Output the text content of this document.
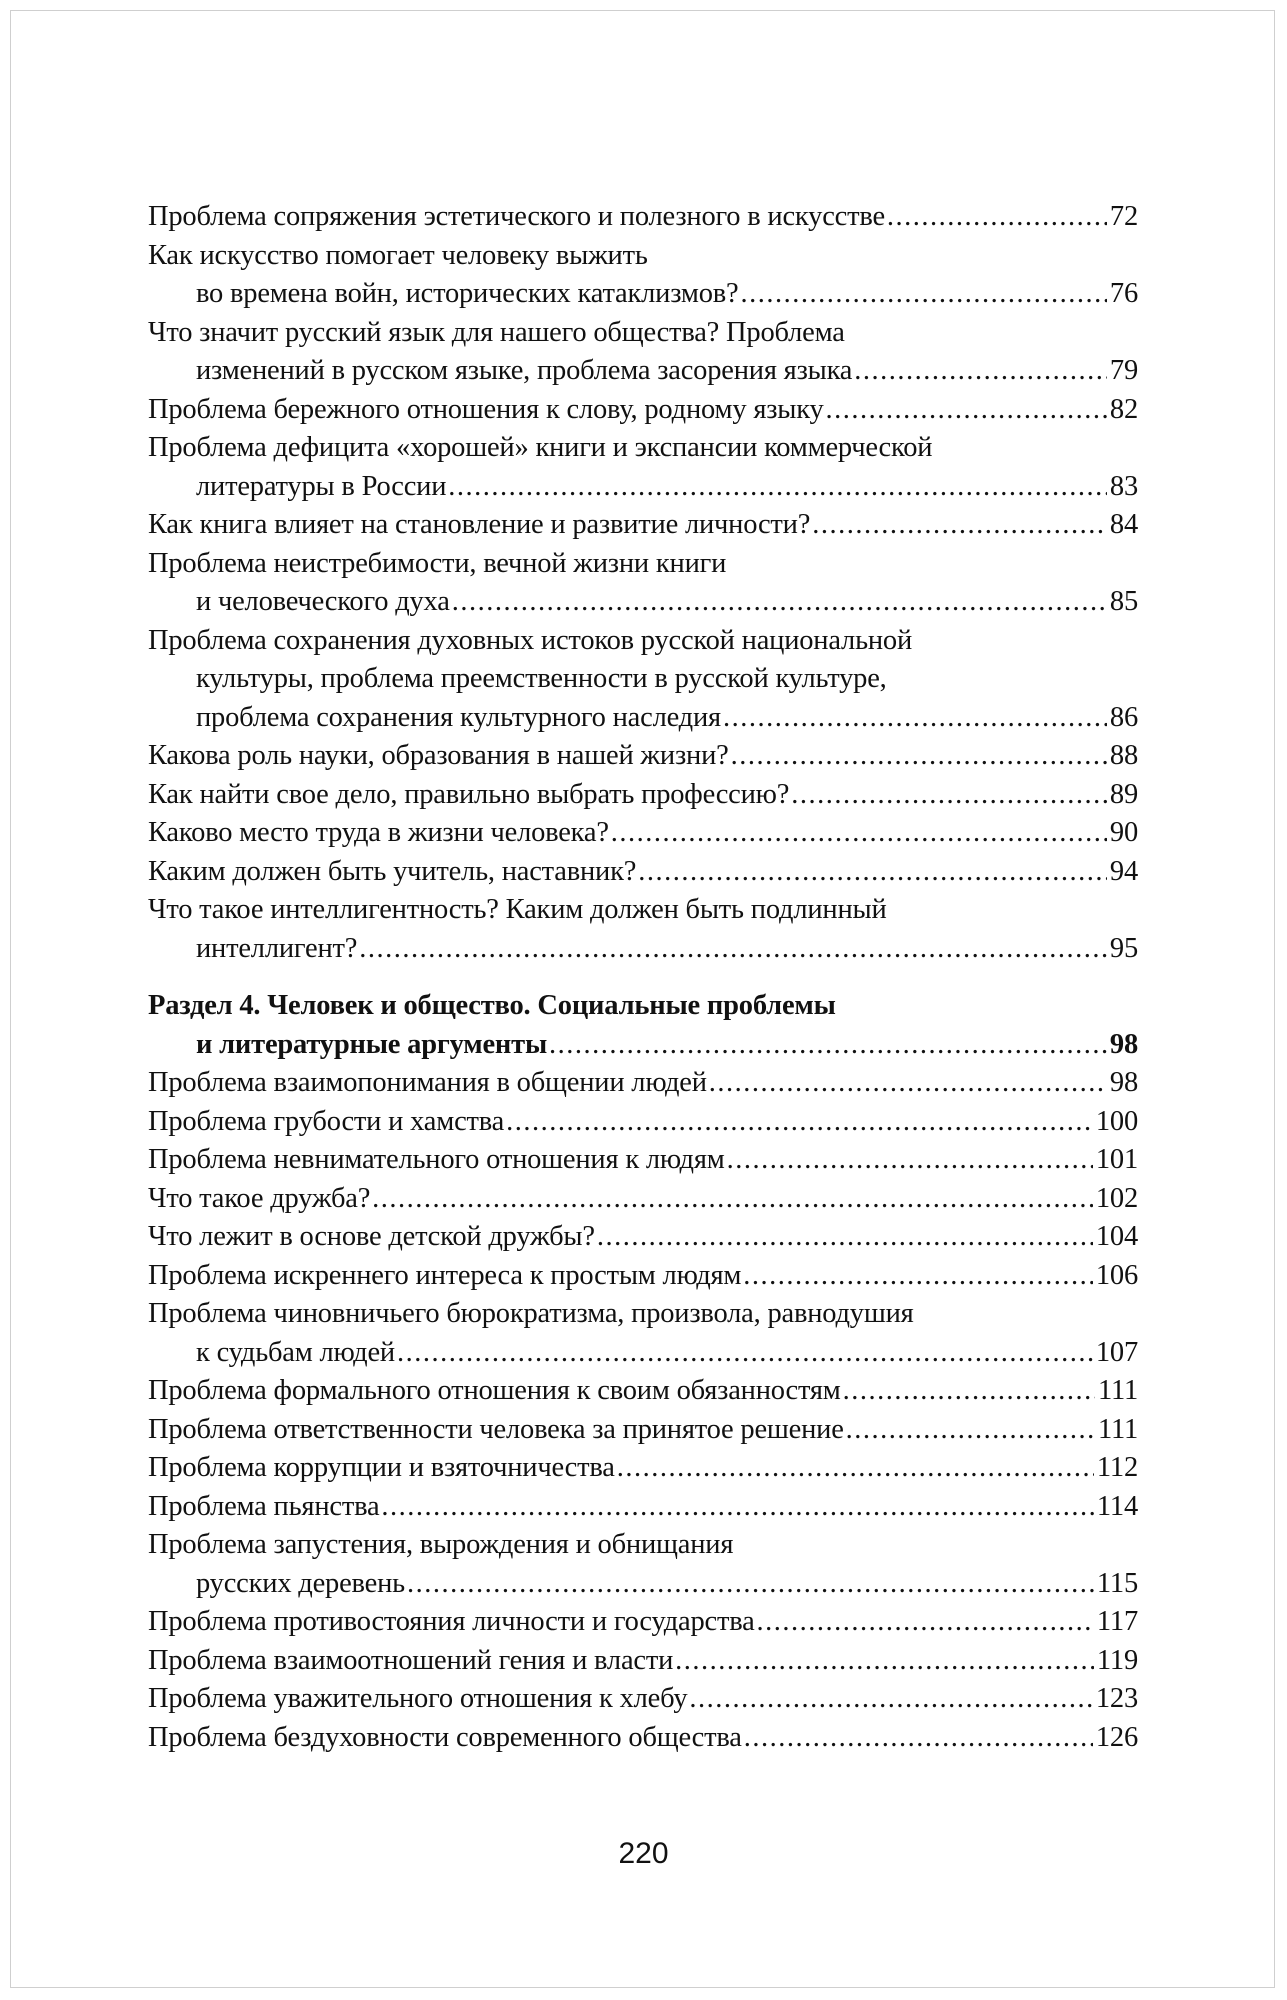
Проблема сопряжения эстетического и полезного в искусстве .....	72
Как искусство помогает человеку выжить
во времена войн, исторических катаклизмов? .....	76
Что значит русский язык для нашего общества? Проблема
изменений в русском языке, проблема засорения языка .....	79
Проблема бережного отношения к слову, родному языку .....	82
Проблема дефицита «хорошей» книги и экспансии коммерческой
литературы в России .....	83
Как книга влияет на становление и развитие личности? .....	84
Проблема неистребимости, вечной жизни книги
и человеческого духа .....	85
Проблема сохранения духовных истоков русской национальной
культуры, проблема преемственности в русской культуре,
проблема сохранения культурного наследия .....	86
Какова роль науки, образования в нашей жизни? .....	88
Как найти свое дело, правильно выбрать профессию? .....	89
Каково место труда в жизни человека? .....	90
Каким должен быть учитель, наставник? .....	94
Что такое интеллигентность? Каким должен быть подлинный
интеллигент? .....	95
Раздел 4. Человек и общество. Социальные проблемы
и литературные аргументы .....	98
Проблема взаимопонимания в общении людей .....	98
Проблема грубости и хамства .....	100
Проблема невнимательного отношения к людям .....	101
Что такое дружба? .....	102
Что лежит в основе детской дружбы? .....	104
Проблема искреннего интереса к простым людям .....	106
Проблема чиновничьего бюрократизма, произвола, равнодушия
к судьбам людей .....	107
Проблема формального отношения к своим обязанностям .....	111
Проблема ответственности человека за принятое решение .....	111
Проблема коррупции и взяточничества .....	112
Проблема пьянства .....	114
Проблема запустения, вырождения и обнищания
русских деревень .....	115
Проблема противостояния личности и государства .....	117
Проблема взаимоотношений гения и власти .....	119
Проблема уважительного отношения к хлебу .....	123
Проблема бездуховности современного общества .....	126
220
